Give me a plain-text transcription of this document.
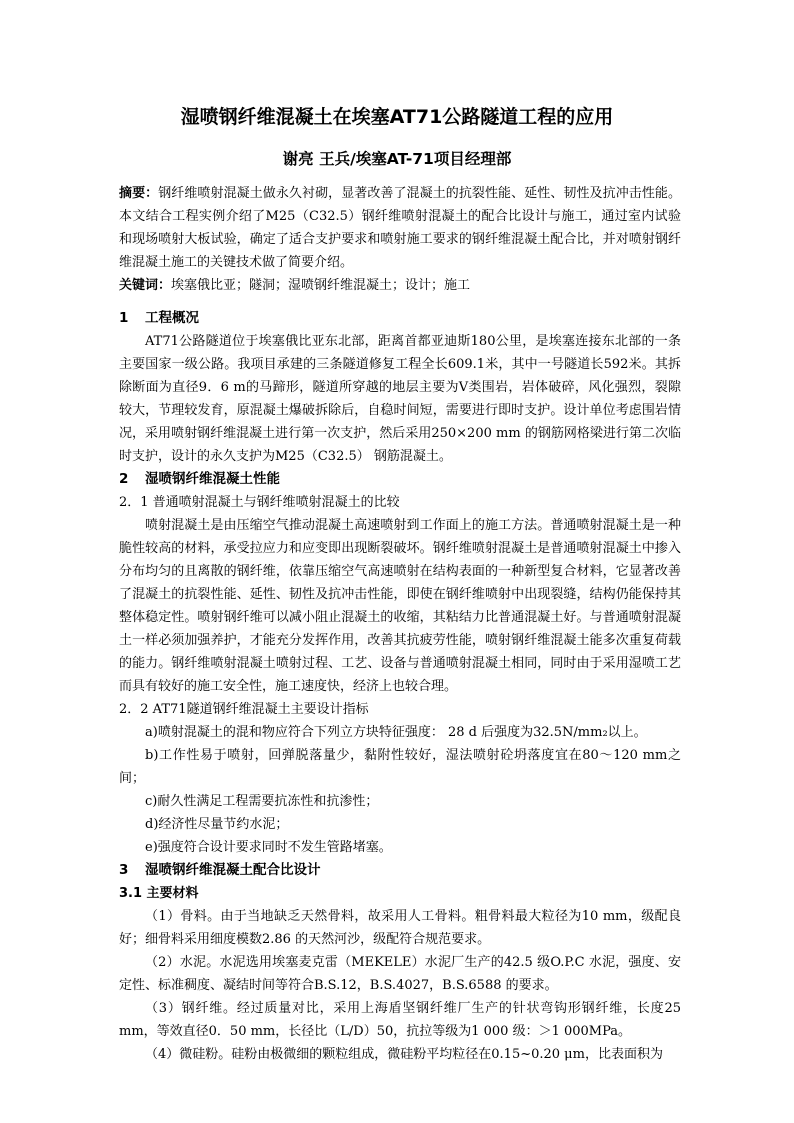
湿喷钢纤维混凝土在埃塞AT71公路隧道工程的应用
谢亮 王兵/埃塞AT-71项目经理部

摘要：钢纤维喷射混凝土做永久衬砌，显著改善了混凝土的抗裂性能、延性、韧性及抗冲击性能。本文结合工程实例介绍了M25（C32.5）钢纤维喷射混凝土的配合比设计与施工，通过室内试验和现场喷射大板试验，确定了适合支护要求和喷射施工要求的钢纤维混凝土配合比，并对喷射钢纤维混凝土施工的关键技术做了简要介绍。

关键词：埃塞俄比亚；隧洞；湿喷钢纤维混凝土；设计；施工

1 工程概况

AT71公路隧道位于埃塞俄比亚东北部，距离首都亚迪斯180公里，是埃塞连接东北部的一条主要国家一级公路。我项目承建的三条隧道修复工程全长609.1米，其中一号隧道长592米。其拆除断面为直径9．6 m的马蹄形，隧道所穿越的地层主要为Ⅴ类围岩，岩体破碎，风化强烈，裂隙较大，节理较发育，原混凝土爆破拆除后，自稳时间短，需要进行即时支护。设计单位考虑围岩情况，采用喷射钢纤维混凝土进行第一次支护，然后采用250×200 mm 的钢筋网格梁进行第二次临时支护，设计的永久支护为M25（C32.5） 钢筋混凝土。

2 湿喷钢纤维混凝土性能

2．1 普通喷射混凝土与钢纤维喷射混凝土的比较

喷射混凝土是由压缩空气推动混凝土高速喷射到工作面上的施工方法。普通喷射混凝土是一种脆性较高的材料，承受拉应力和应变即出现断裂破坏。钢纤维喷射混凝土是普通喷射混凝土中掺入分布均匀的且离散的钢纤维，依靠压缩空气高速喷射在结构表面的一种新型复合材料，它显著改善了混凝土的抗裂性能、延性、韧性及抗冲击性能，即使在钢纤维喷射中出现裂缝，结构仍能保持其整体稳定性。喷射钢纤维可以减小阻止混凝土的收缩，其粘结力比普通混凝土好。与普通喷射混凝土一样必须加强养护，才能充分发挥作用，改善其抗疲劳性能，喷射钢纤维混凝土能多次重复荷载的能力。钢纤维喷射混凝土喷射过程、工艺、设备与普通喷射混凝土相同，同时由于采用湿喷工艺而具有较好的施工安全性，施工速度快，经济上也较合理。

2．2 AT71隧道钢纤维混凝土主要设计指标

a)喷射混凝土的混和物应符合下列立方块特征强度： 28 d 后强度为32.5N/mm₂以上。

b)工作性易于喷射，回弹脱落量少，黏附性较好，湿法喷射砼坍落度宜在80～120 mm之间；

c)耐久性满足工程需要抗冻性和抗渗性；

d)经济性尽量节约水泥；

e)强度符合设计要求同时不发生管路堵塞。

3 湿喷钢纤维混凝土配合比设计

3.1 主要材料

（1）骨料。由于当地缺乏天然骨料，故采用人工骨料。粗骨料最大粒径为10 mm，级配良好；细骨料采用细度模数2.86 的天然河沙，级配符合规范要求。

（2）水泥。水泥选用埃塞麦克雷（MEKELE）水泥厂生产的42.5 级O.P.C 水泥，强度、安定性、标准稠度、凝结时间等符合B.S.12，B.S.4027，B.S.6588 的要求。

（3）钢纤维。经过质量对比，采用上海盾坚钢纤维厂生产的针状弯钩形钢纤维，长度25 mm，等效直径0．50 mm，长径比（L/D）50，抗拉等级为1 000 级：＞1 000MPa。

（4）微硅粉。硅粉由极微细的颗粒组成，微硅粉平均粒径在0.15~0.20 μm，比表面积为
